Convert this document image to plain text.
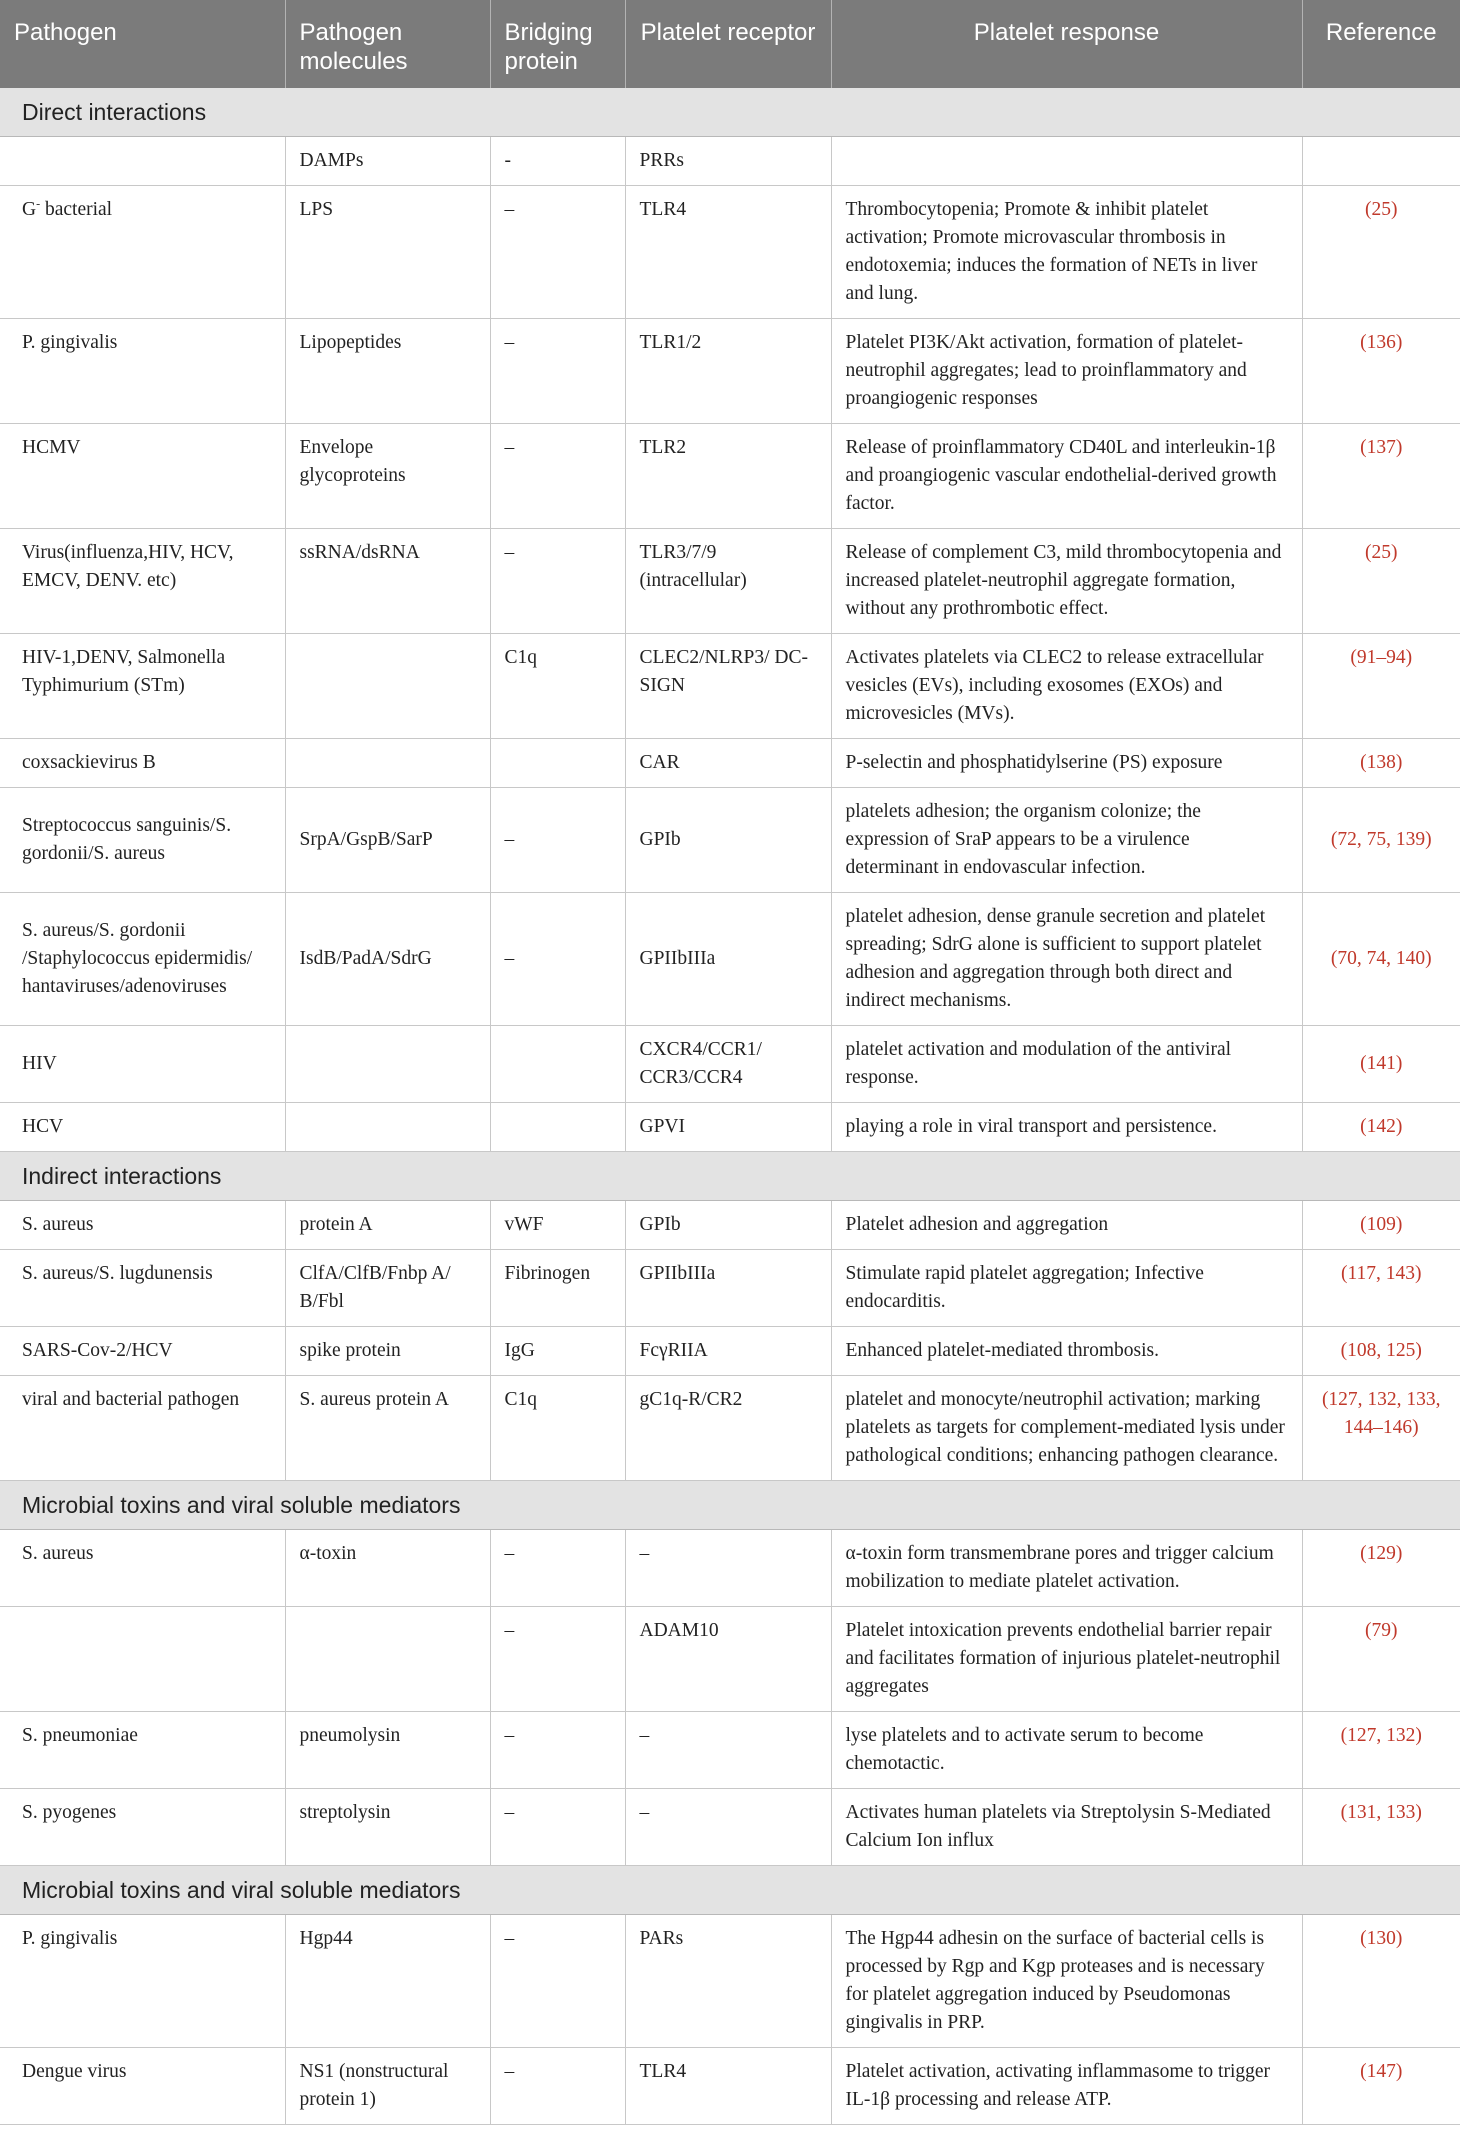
Pathogen	Pathogen molecules	Bridging protein	Platelet receptor	Platelet response	Reference
Direct interactions					
	DAMPs	-	PRRs		
G- bacterial	LPS	–	TLR4	Thrombocytopenia; Promote & inhibit platelet activation; Promote microvascular thrombosis in endotoxemia; induces the formation of NETs in liver and lung.	(25)
P. gingivalis	Lipopeptides	–	TLR1/2	Platelet PI3K/Akt activation, formation of platelet-neutrophil aggregates; lead to proinflammatory and proangiogenic responses	(136)
HCMV	Envelope glycoproteins	–	TLR2	Release of proinflammatory CD40L and interleukin-1β and proangiogenic vascular endothelial-derived growth factor.	(137)
Virus(influenza,HIV, HCV, EMCV, DENV. etc)	ssRNA/dsRNA	–	TLR3/7/9 (intracellular)	Release of complement C3, mild thrombocytopenia and increased platelet-neutrophil aggregate formation, without any prothrombotic effect.	(25)
HIV-1,DENV, Salmonella Typhimurium (STm)		C1q	CLEC2/NLRP3/ DC-SIGN	Activates platelets via CLEC2 to release extracellular vesicles (EVs), including exosomes (EXOs) and microvesicles (MVs).	(91–94)
coxsackievirus B			CAR	P-selectin and phosphatidylserine (PS) exposure	(138)
Streptococcus sanguinis/S. gordonii/S. aureus	SrpA/GspB/SarP	–	GPIb	platelets adhesion; the organism colonize; the expression of SraP appears to be a virulence determinant in endovascular infection.	(72, 75, 139)
S. aureus/S. gordonii /Staphylococcus epidermidis/ hantaviruses/adenoviruses	IsdB/PadA/SdrG	–	GPIIbIIIa	platelet adhesion, dense granule secretion and platelet spreading; SdrG alone is sufficient to support platelet adhesion and aggregation through both direct and indirect mechanisms.	(70, 74, 140)
HIV			CXCR4/CCR1/ CCR3/CCR4	platelet activation and modulation of the antiviral response.	(141)
HCV			GPVI	playing a role in viral transport and persistence.	(142)
Indirect interactions					
S. aureus	protein A	vWF	GPIb	Platelet adhesion and aggregation	(109)
S. aureus/S. lugdunensis	ClfA/ClfB/Fnbp A/ B/Fbl	Fibrinogen	GPIIbIIIa	Stimulate rapid platelet aggregation; Infective endocarditis.	(117, 143)
SARS-Cov-2/HCV	spike protein	IgG	FcγRIIA	Enhanced platelet-mediated thrombosis.	(108, 125)
viral and bacterial pathogen	S. aureus protein A	C1q	gC1q-R/CR2	platelet and monocyte/neutrophil activation; marking platelets as targets for complement-mediated lysis under pathological conditions; enhancing pathogen clearance.	(127, 132, 133, 144–146)
Microbial toxins and viral soluble mediators					
S. aureus	α-toxin	–	–	α-toxin form transmembrane pores and trigger calcium mobilization to mediate platelet activation.	(129)
		–	ADAM10	Platelet intoxication prevents endothelial barrier repair and facilitates formation of injurious platelet-neutrophil aggregates	(79)
S. pneumoniae	pneumolysin	–	–	lyse platelets and to activate serum to become chemotactic.	(127, 132)
S. pyogenes	streptolysin	–	–	Activates human platelets via Streptolysin S-Mediated Calcium Ion influx	(131, 133)
Microbial toxins and viral soluble mediators					
P. gingivalis	Hgp44	–	PARs	The Hgp44 adhesin on the surface of bacterial cells is processed by Rgp and Kgp proteases and is necessary for platelet aggregation induced by Pseudomonas gingivalis in PRP.	(130)
Dengue virus	NS1 (nonstructural protein 1)	–	TLR4	Platelet activation, activating inflammasome to trigger IL-1β processing and release ATP.	(147)
